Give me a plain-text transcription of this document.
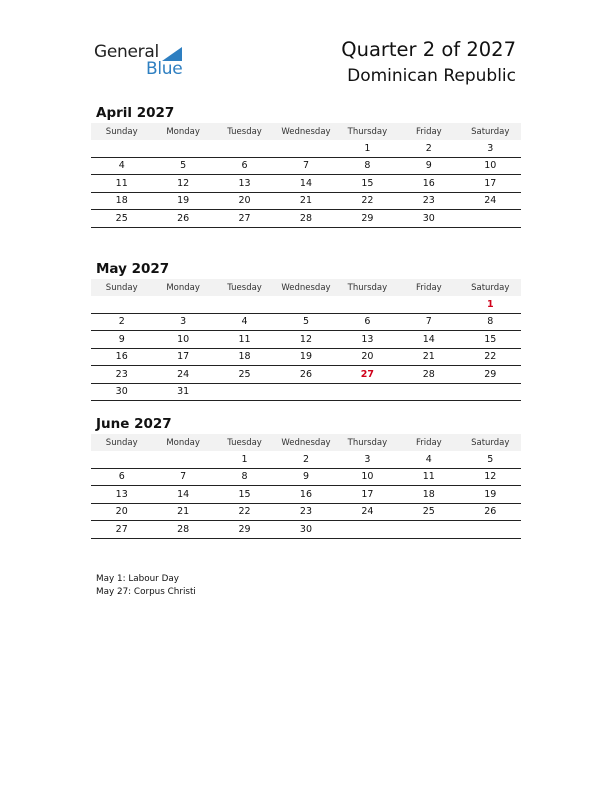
General
Blue
Quarter 2 of 2027
Dominican Republic
April 2027
Sunday	Monday	Tuesday	Wednesday	Thursday	Friday	Saturday
				1	2	3
4	5	6	7	8	9	10
11	12	13	14	15	16	17
18	19	20	21	22	23	24
25	26	27	28	29	30	
May 2027
Sunday	Monday	Tuesday	Wednesday	Thursday	Friday	Saturday
						1
2	3	4	5	6	7	8
9	10	11	12	13	14	15
16	17	18	19	20	21	22
23	24	25	26	27	28	29
30	31					
June 2027
Sunday	Monday	Tuesday	Wednesday	Thursday	Friday	Saturday
		1	2	3	4	5
6	7	8	9	10	11	12
13	14	15	16	17	18	19
20	21	22	23	24	25	26
27	28	29	30			
May 1: Labour Day
May 27: Corpus Christi
